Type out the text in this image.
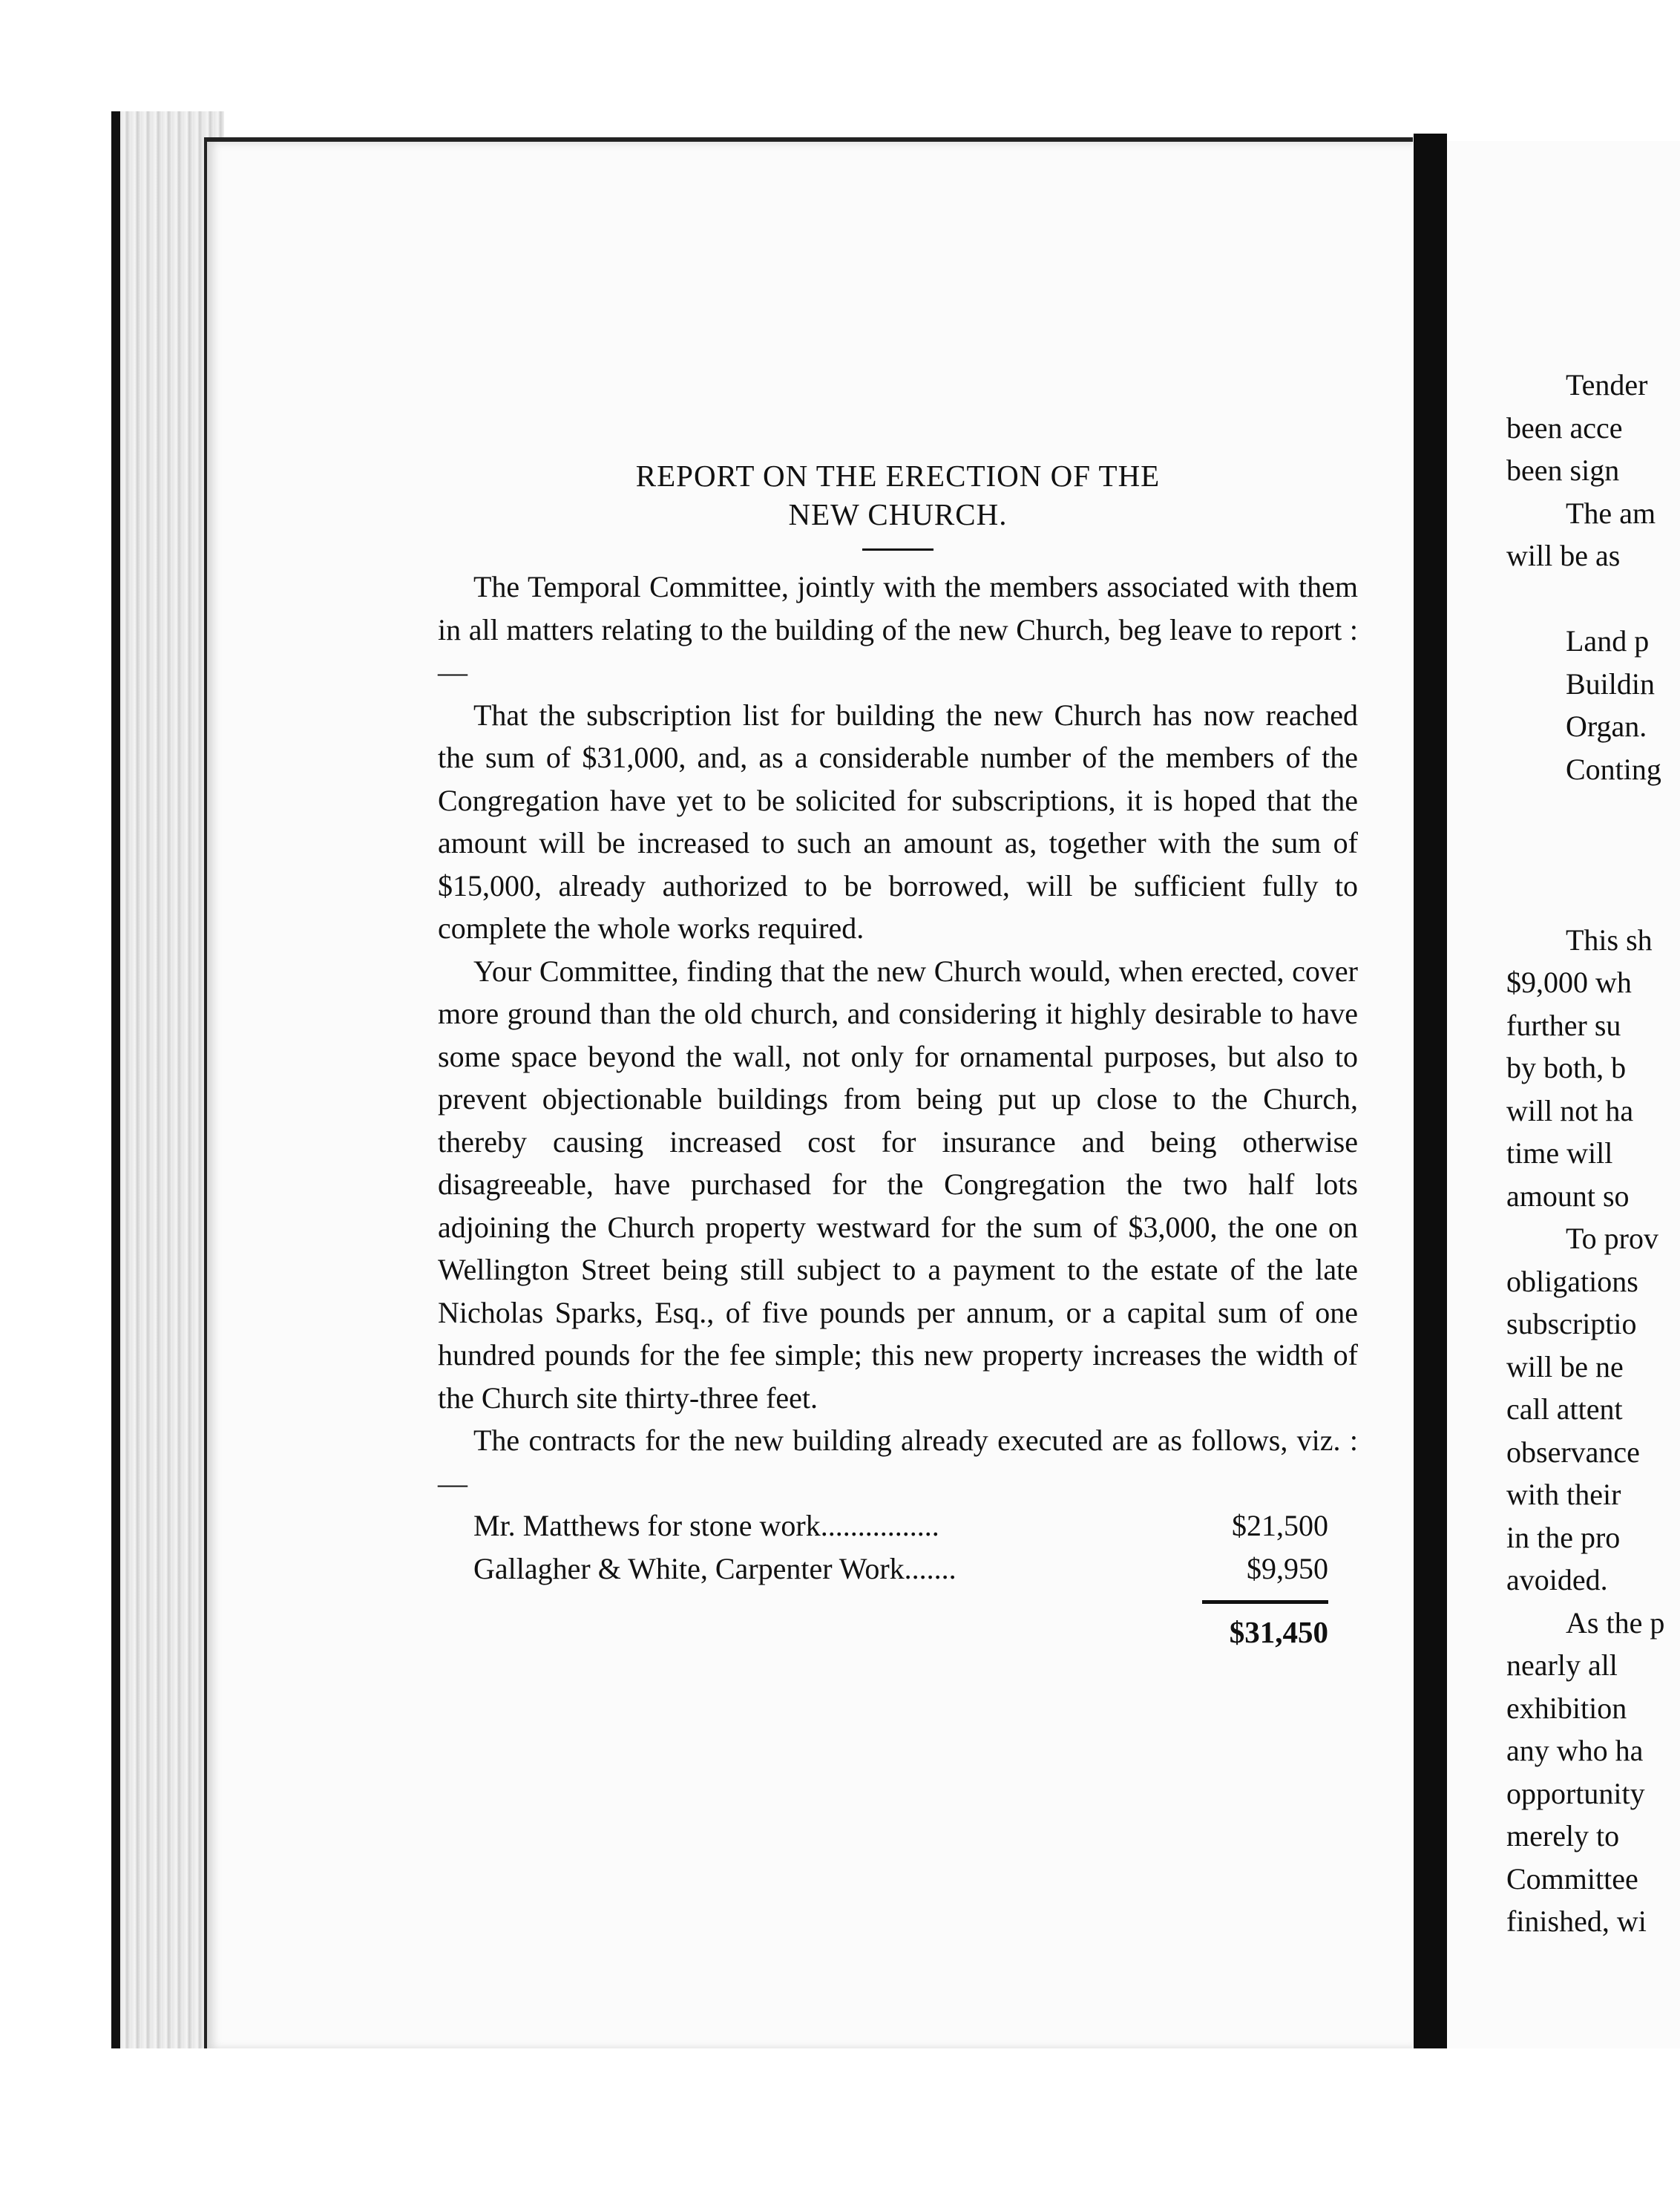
REPORT ON THE ERECTION OF THE
NEW CHURCH.

The Temporal Committee, jointly with the members associated with them in all matters relating to the building of the new Church, beg leave to report :—

That the subscription list for building the new Church has now reached the sum of $31,000, and, as a considerable number of the members of the Congregation have yet to be solicited for subscriptions, it is hoped that the amount will be increased to such an amount as, together with the sum of $15,000, already authorized to be borrowed, will be sufficient fully to complete the whole works required.

Your Committee, finding that the new Church would, when erected, cover more ground than the old church, and considering it highly desirable to have some space beyond the wall, not only for ornamental purposes, but also to prevent objectionable buildings from being put up close to the Church, thereby causing increased cost for insurance and being otherwise disagreeable, have purchased for the Congregation the two half lots adjoining the Church property westward for the sum of $3,000, the one on Wellington Street being still subject to a payment to the estate of the late Nicholas Sparks, Esq., of five pounds per annum, or a capital sum of one hundred pounds for the fee simple; this new property increases the width of the Church site thirty-three feet.

The contracts for the new building already executed are as follows, viz. :—

Mr. Matthews for stone work................	$21,500
Gallagher & White, Carpenter Work.......	$9,950
$31,450
Tender
been acce
been sign
The am
will be as
Land p
Buildin
Organ.
Conting
This sh
$9,000 wh
further su
by both, b
will not ha
time will
amount so
To prov
obligations
subscriptio
will be ne
call attent
observance
with their
in the pro
avoided.
As the p
nearly all
exhibition
any who ha
opportunity
merely to
Committee
finished, wi
